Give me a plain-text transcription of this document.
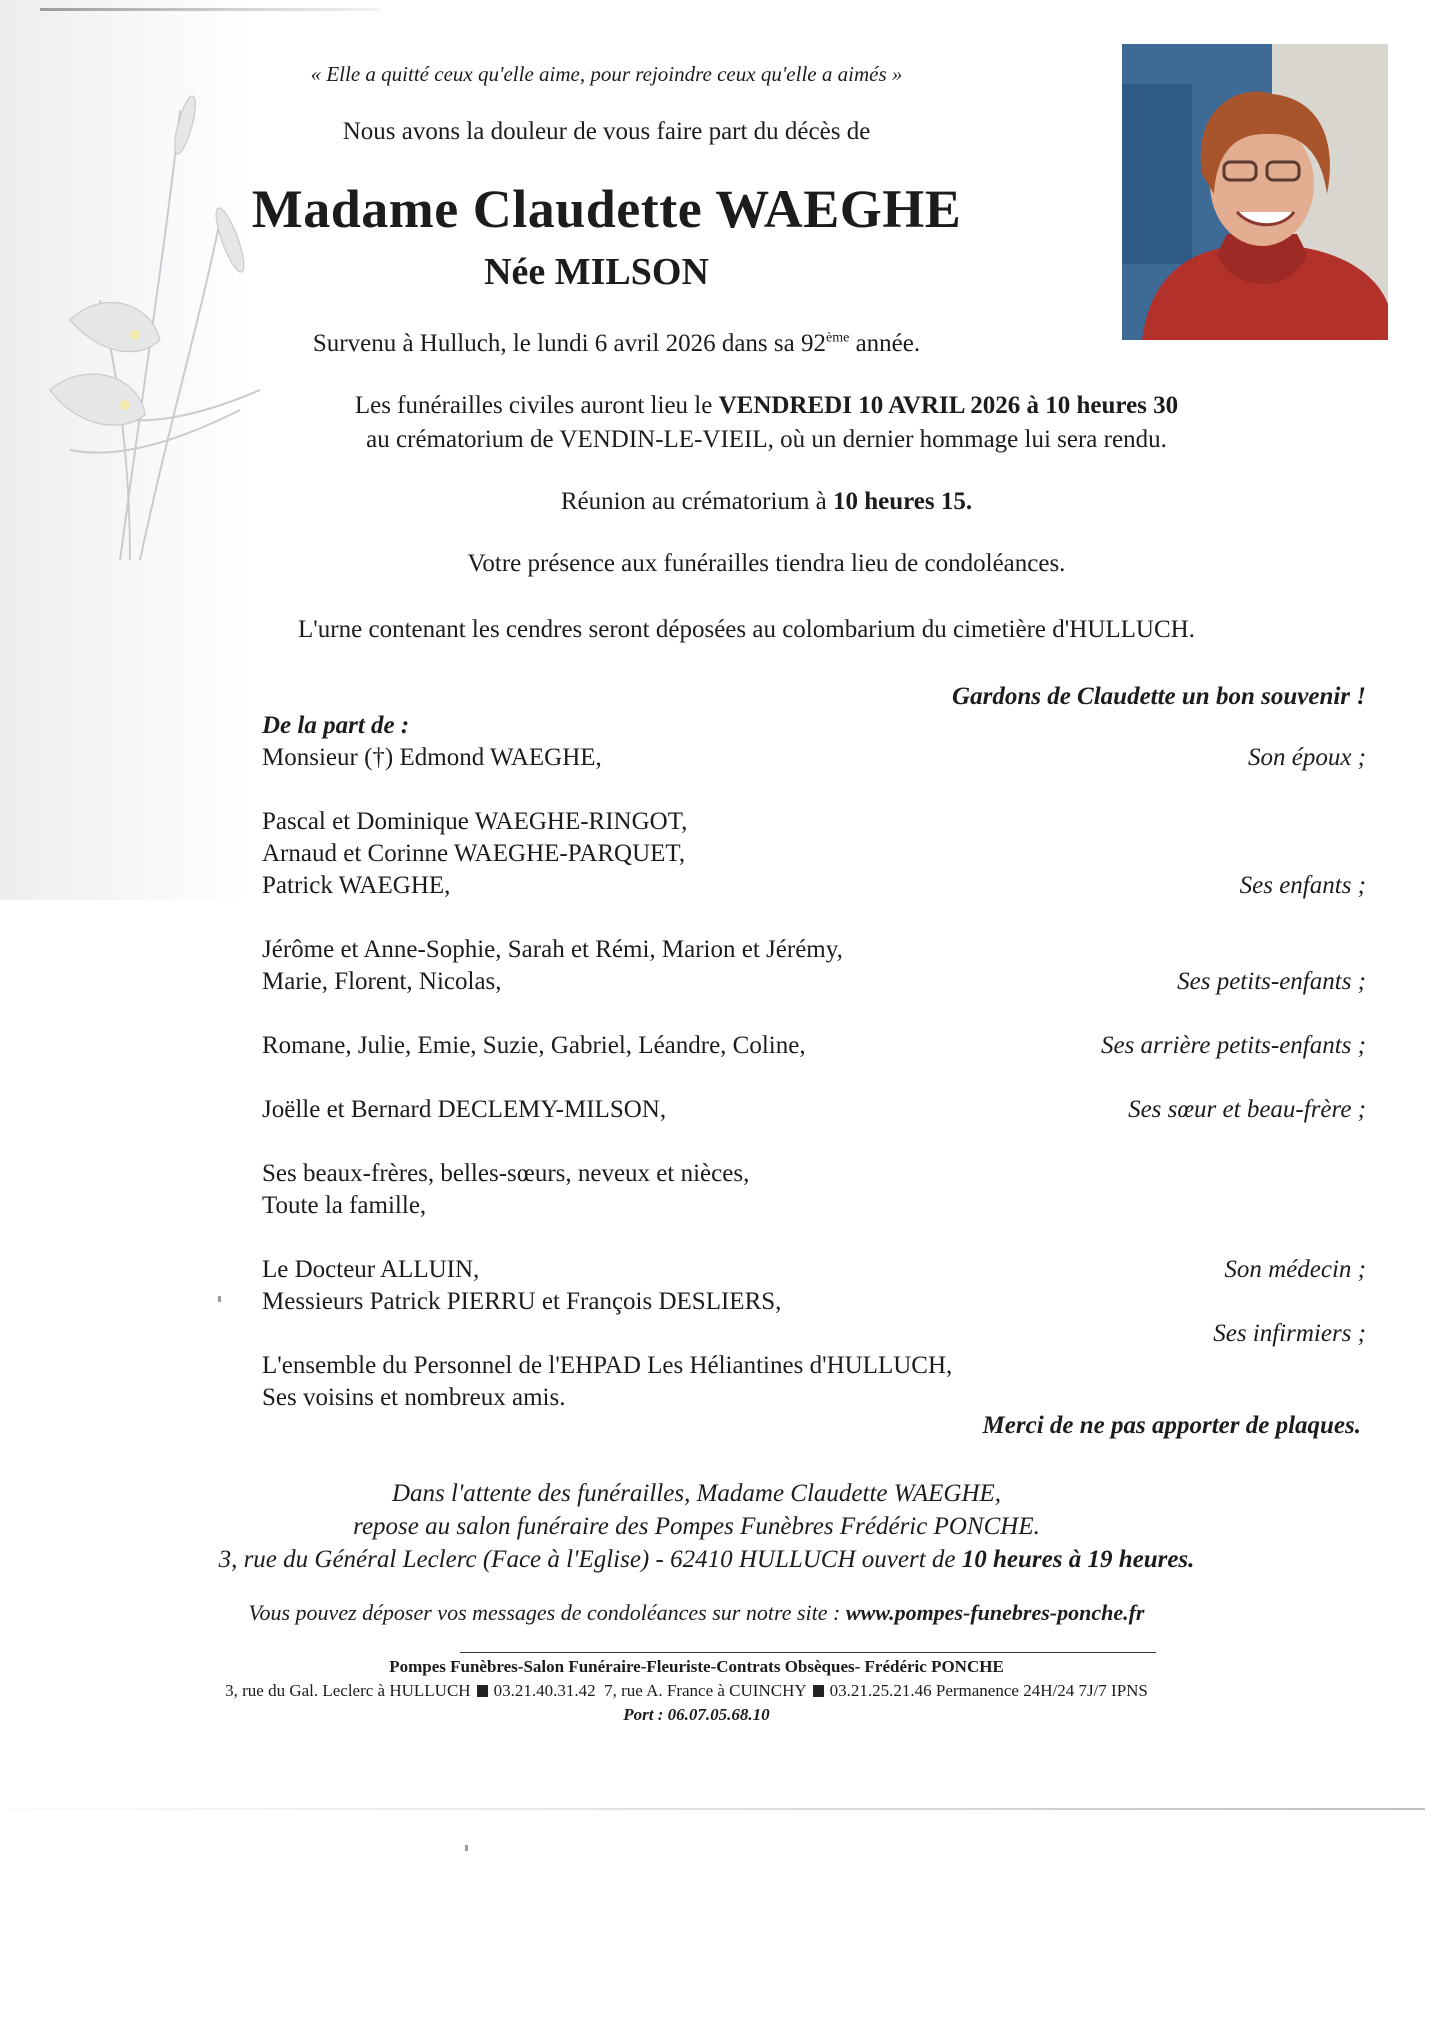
« Elle a quitté ceux qu'elle aime, pour rejoindre ceux qu'elle a aimés »
Nous avons la douleur de vous faire part du décès de
Madame Claudette WAEGHE
Née MILSON
Survenu à Hulluch, le lundi 6 avril 2026 dans sa 92ème année.
Les funérailles civiles auront lieu le VENDREDI 10 AVRIL 2026 à 10 heures 30
au crématorium de VENDIN-LE-VIEIL, où un dernier hommage lui sera rendu.
Réunion au crématorium à 10 heures 15.
Votre présence aux funérailles tiendra lieu de condoléances.
L'urne contenant les cendres seront déposées au colombarium du cimetière d'HULLUCH.
Gardons de Claudette un bon souvenir !
De la part de :
Monsieur (†) Edmond WAEGHE,	Son époux ;
Pascal et Dominique WAEGHE-RINGOT,
Arnaud et Corinne WAEGHE-PARQUET,
Patrick WAEGHE,	Ses enfants ;
Jérôme et Anne-Sophie, Sarah et Rémi, Marion et Jérémy,
Marie, Florent, Nicolas,	Ses petits-enfants ;
Romane, Julie, Emie, Suzie, Gabriel, Léandre, Coline,	Ses arrière petits-enfants ;
Joëlle et Bernard DECLEMY-MILSON,	Ses sœur et beau-frère ;
Ses beaux-frères, belles-sœurs, neveux et nièces,
Toute la famille,
Le Docteur ALLUIN,	Son médecin ;
Messieurs Patrick PIERRU et François DESLIERS,
Ses infirmiers ;
L'ensemble du Personnel de l'EHPAD Les Héliantines d'HULLUCH,
Ses voisins et nombreux amis.
Merci de ne pas apporter de plaques.
Dans l'attente des funérailles, Madame Claudette WAEGHE,
repose au salon funéraire des Pompes Funèbres Frédéric PONCHE.
3, rue du Général Leclerc (Face à l'Eglise) - 62410 HULLUCH ouvert de 10 heures à 19 heures.
Vous pouvez déposer vos messages de condoléances sur notre site : www.pompes-funebres-ponche.fr
Pompes Funèbres-Salon Funéraire-Fleuriste-Contrats Obsèques- Frédéric PONCHE
3, rue du Gal. Leclerc à HULLUCH 03.21.40.31.42 7, rue A. France à CUINCHY 03.21.25.21.46 Permanence 24H/24 7J/7 IPNS
Port : 06.07.05.68.10
